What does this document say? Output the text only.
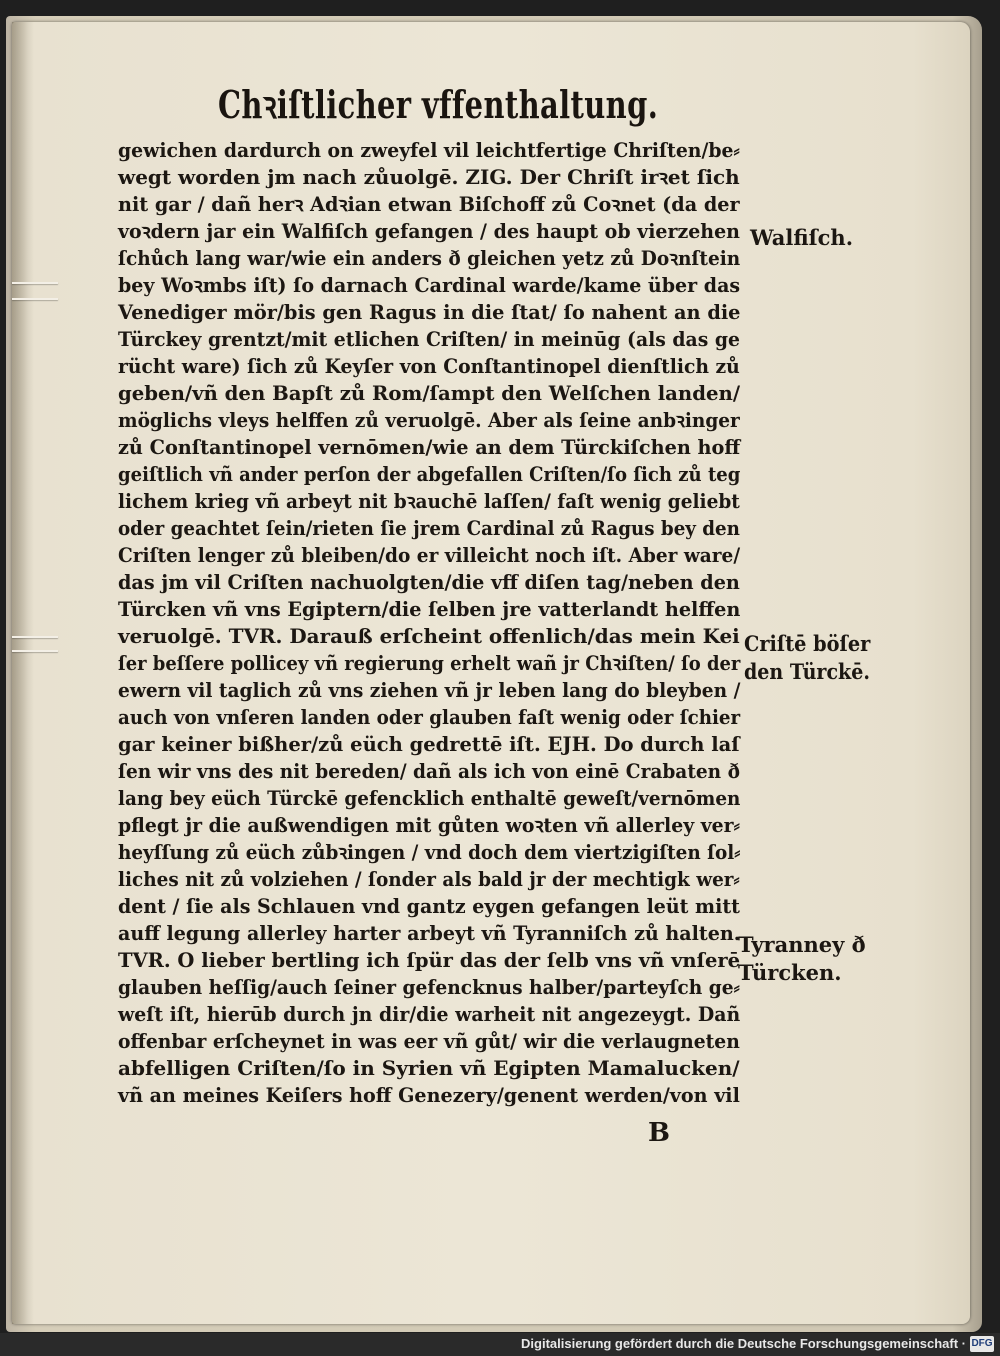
Chꝛiſtlicher vffenthaltung.
gewichen dardurch on zweyfel vil leichtfertige Chriſten/be⸗
wegt worden jm nach zůuolgē. ZIG. Der Chriſt irꝛet ſich
nit gar / dañ herꝛ Adꝛian etwan Biſchoff zů Coꝛnet (da der
voꝛdern jar ein Walfiſch gefangen / des haupt ob vierzehen
ſchůch lang war/wie ein anders ð gleichen yetz zů Doꝛnſtein
bey Woꝛmbs iſt) ſo darnach Cardinal warde/kame über das
Venediger mör/bis gen Ragus in die ſtat/ ſo nahent an die
Türckey grentzt/mit etlichen Criſten/ in meinūg (als das ge
rücht ware) ſich zů Keyſer von Conſtantinopel dienſtlich zů
geben/vñ den Bapſt zů Rom/ſampt den Welſchen landen/
möglichs vleys helffen zů veruolgē. Aber als ſeine anbꝛinger
zů Conſtantinopel vernōmen/wie an dem Türckiſchen hoff
geiſtlich vñ ander perſon der abgefallen Criſten/ſo ſich zů teg
lichem krieg vñ arbeyt nit bꝛauchē laſſen/ faſt wenig geliebt
oder geachtet ſein/rieten ſie jrem Cardinal zů Ragus bey den
Criſten lenger zů bleiben/do er villeicht noch iſt. Aber ware/
das jm vil Criſten nachuolgten/die vff diſen tag/neben den
Türcken vñ vns Egiptern/die ſelben jre vatterlandt helffen
veruolgē. TVR. Darauß erſcheint offenlich/das mein Kei
ſer beſſere pollicey vñ regierung erhelt wañ jr Chꝛiſten/ ſo der
ewern vil taglich zů vns ziehen vñ jr leben lang do bleyben /
auch von vnſeren landen oder glauben faſt wenig oder ſchier
gar keiner bißher/zů eüch gedrettē iſt. EJH. Do durch laſ
ſen wir vns des nit bereden/ dañ als ich von einē Crabaten ð
lang bey eüch Türckē gefencklich enthaltē geweſt/vernōmen
pflegt jr die außwendigen mit gůten woꝛten vñ allerley ver⸗
heyſſung zů eüch zůbꝛingen / vnd doch dem viertzigiſten ſol⸗
liches nit zů volziehen / ſonder als bald jr der mechtigk wer⸗
dent / ſie als Schlauen vnd gantz eygen gefangen leüt mitt
auff legung allerley harter arbeyt vñ Tyranniſch zů halten.
TVR. O lieber bertling ich ſpür das der ſelb vns vñ vnſerē
glauben heſſig/auch ſeiner gefencknus halber/parteyſch ge⸗
weſt iſt, hierūb durch jn dir/die warheit nit angezeygt. Dañ
offenbar erſcheynet in was eer vñ gůt/ wir die verlaugneten
abfelligen Criſten/ſo in Syrien vñ Egipten Mamalucken/
vñ an meines Keiſers hoff Genezery/genent werden/von vil
Walfiſch.
Criſtē böſer
den Türckē.
Tyranney ð
Türcken.
B
Digitalisierung gefördert durch die Deutsche Forschungsgemeinschaft · DFG
